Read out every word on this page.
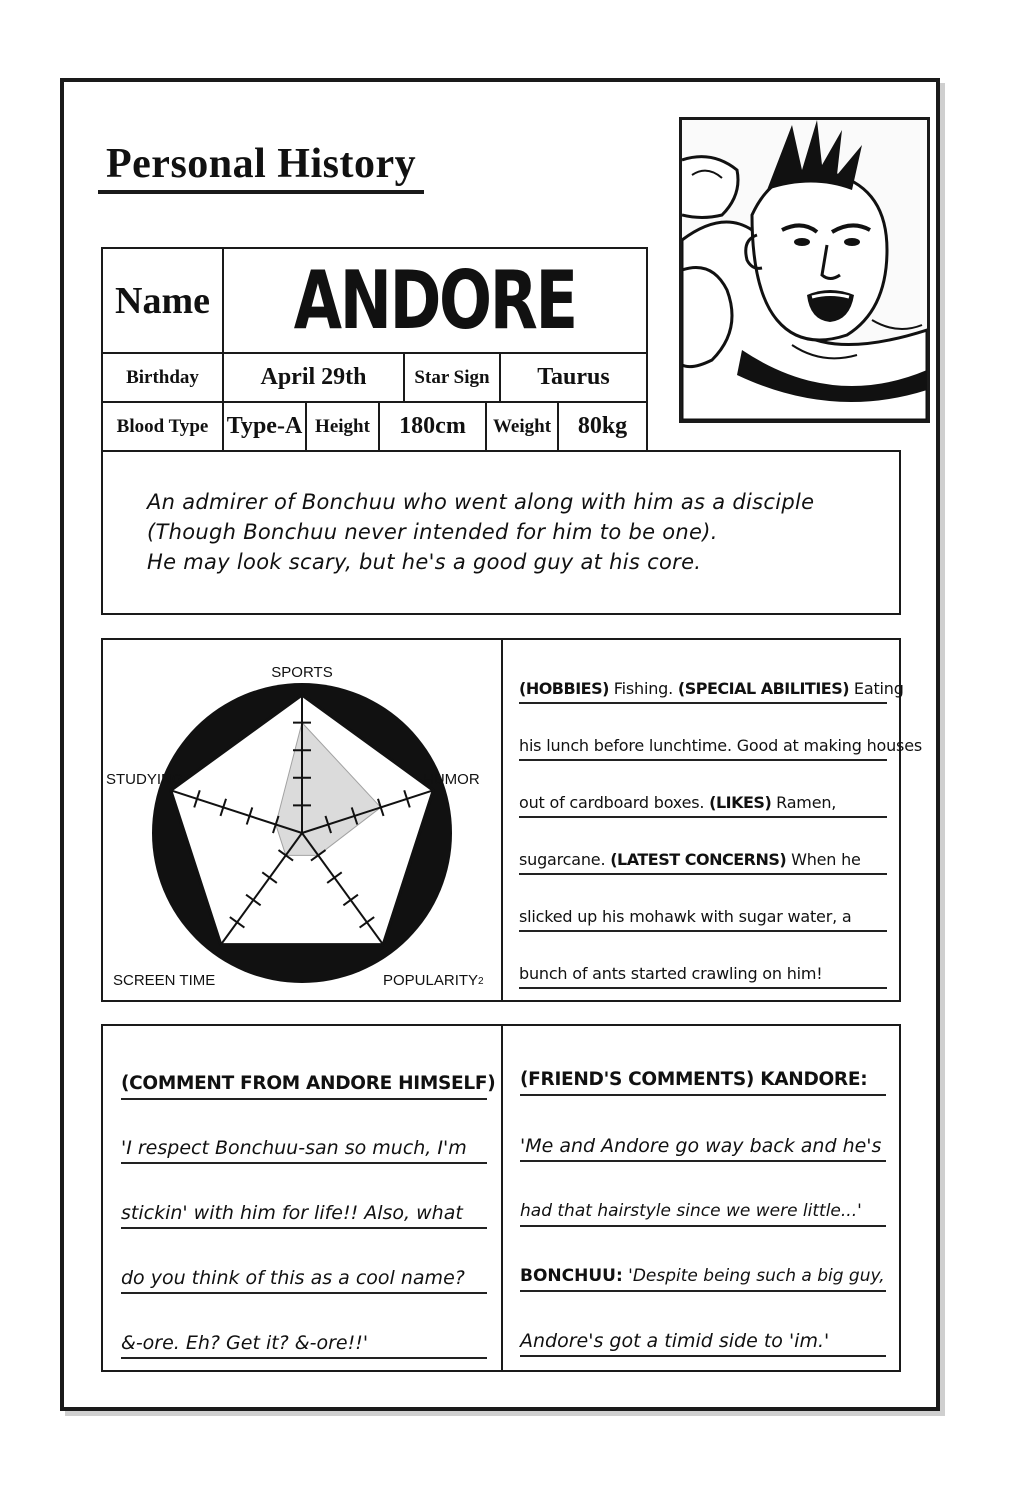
Personal History
Name ANDORE
Birthday	April 29th	Star Sign Taurus
Blood Type Type-A Height 180cm Weight 80kg
An admirer of Bonchuu who went along with him as a disciple
(Though Bonchuu never intended for him to be one).
He may look scary, but he's a good guy at his core.
SPORTS
HUMOR
POPULARITY2
SCREEN TIME
STUDYING
(HOBBIES) Fishing. (SPECIAL ABILITIES) Eating
his lunch before lunchtime. Good at making houses
out of cardboard boxes. (LIKES) Ramen,
sugarcane. (LATEST CONCERNS) When he
slicked up his mohawk with sugar water, a
bunch of ants started crawling on him!
(COMMENT FROM ANDORE HIMSELF)
'I respect Bonchuu-san so much, I'm
stickin' with him for life!! Also, what
do you think of this as a cool name?
&-ore. Eh? Get it? &-ore!!'
(FRIEND'S COMMENTS) KANDORE:
'Me and Andore go way back and he's
had that hairstyle since we were little...'
BONCHUU: 'Despite being such a big guy,
Andore's got a timid side to 'im.'
